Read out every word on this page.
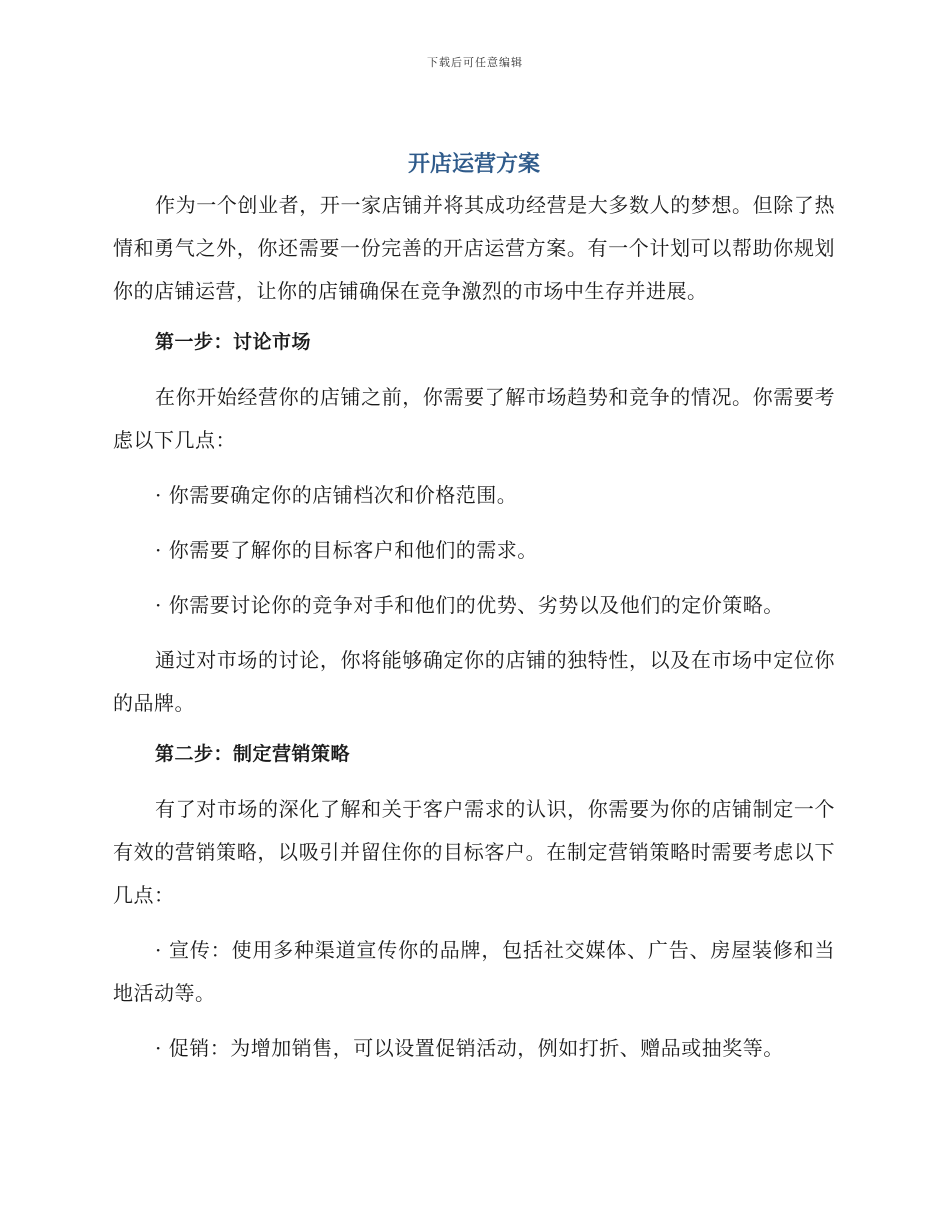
下载后可任意编辑
开店运营方案

作为一个创业者，开一家店铺并将其成功经营是大多数人的梦想。但除了热情和勇气之外，你还需要一份完善的开店运营方案。有一个计划可以帮助你规划你的店铺运营，让你的店铺确保在竞争激烈的市场中生存并进展。

第一步：讨论市场

在你开始经营你的店铺之前，你需要了解市场趋势和竞争的情况。你需要考虑以下几点：

· 你需要确定你的店铺档次和价格范围。

· 你需要了解你的目标客户和他们的需求。

· 你需要讨论你的竞争对手和他们的优势、劣势以及他们的定价策略。

通过对市场的讨论，你将能够确定你的店铺的独特性，以及在市场中定位你的品牌。

第二步：制定营销策略

有了对市场的深化了解和关于客户需求的认识，你需要为你的店铺制定一个有效的营销策略，以吸引并留住你的目标客户。在制定营销策略时需要考虑以下几点：

· 宣传：使用多种渠道宣传你的品牌，包括社交媒体、广告、房屋装修和当地活动等。

· 促销：为增加销售，可以设置促销活动，例如打折、赠品或抽奖等。
